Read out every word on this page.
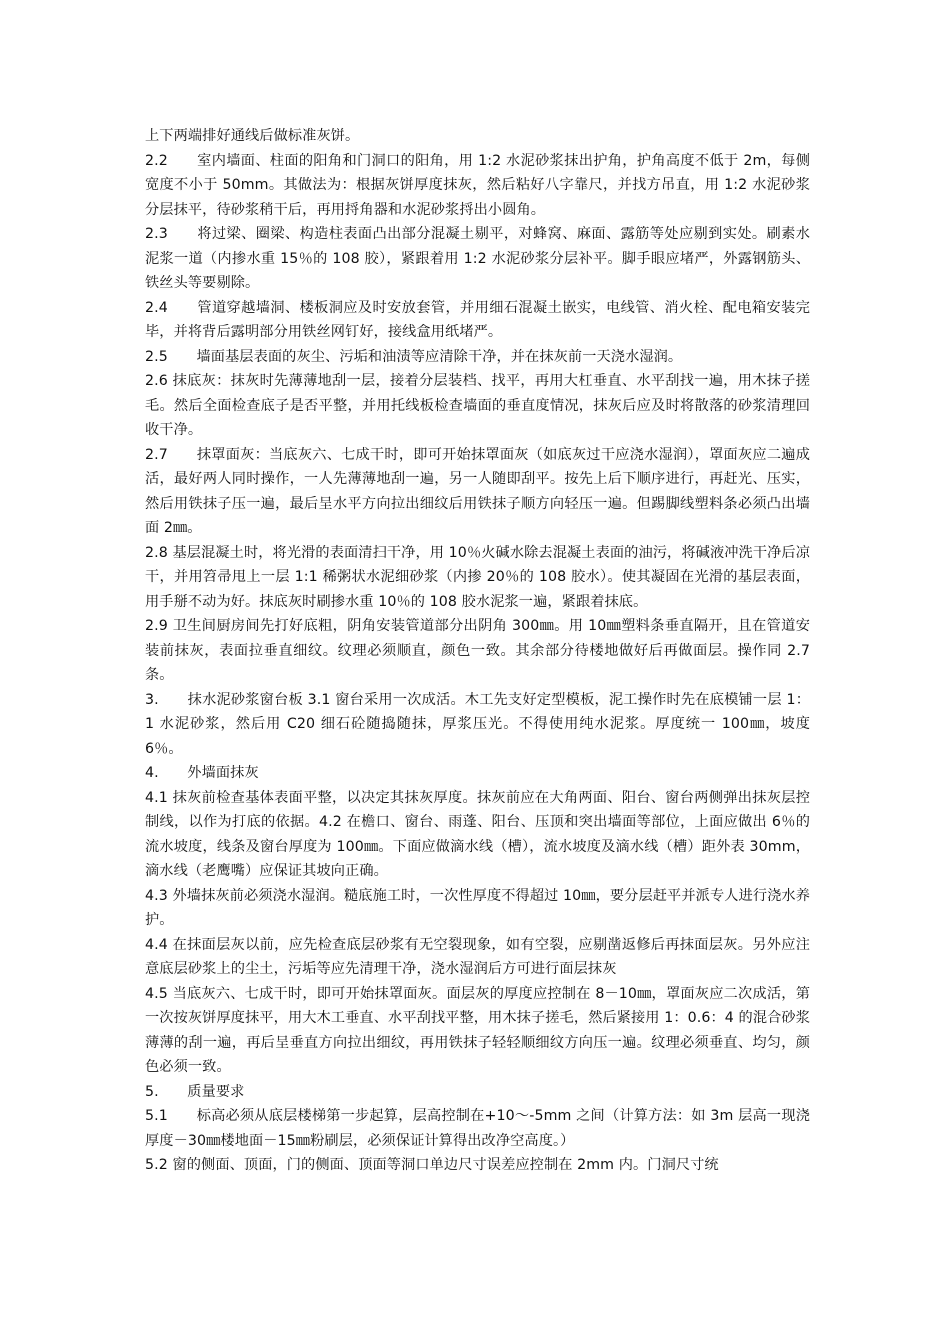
上下两端排好通线后做标准灰饼。

2.2　　室内墙面、柱面的阳角和门洞口的阳角，用 1:2 水泥砂浆抹出护角，护角高度不低于 2m，每侧宽度不小于 50mm。其做法为：根据灰饼厚度抹灰，然后粘好八字靠尺，并找方吊直，用 1:2 水泥砂浆分层抹平，待砂浆稍干后，再用捋角器和水泥砂浆捋出小圆角。

2.3　　将过梁、圈梁、构造柱表面凸出部分混凝土剔平，对蜂窝、麻面、露筋等处应剔到实处。刷素水泥浆一道（内掺水重 15％的 108 胶），紧跟着用 1:2 水泥砂浆分层补平。脚手眼应堵严，外露钢筋头、铁丝头等要剔除。

2.4　　管道穿越墙洞、楼板洞应及时安放套管，并用细石混凝土嵌实，电线管、消火栓、配电箱安装完毕，并将背后露明部分用铁丝网钉好，接线盒用纸堵严。

2.5　　墙面基层表面的灰尘、污垢和油渍等应清除干净，并在抹灰前一天浇水湿润。

2.6 抹底灰：抹灰时先薄薄地刮一层，接着分层装档、找平，再用大杠垂直、水平刮找一遍，用木抹子搓毛。然后全面检查底子是否平整，并用托线板检查墙面的垂直度情况，抹灰后应及时将散落的砂浆清理回收干净。

2.7　　抹罩面灰：当底灰六、七成干时，即可开始抹罩面灰（如底灰过干应浇水湿润），罩面灰应二遍成活，最好两人同时操作，一人先薄薄地刮一遍，另一人随即刮平。按先上后下顺序进行，再赶光、压实，然后用铁抹子压一遍，最后呈水平方向拉出细纹后用铁抹子顺方向轻压一遍。但踢脚线塑料条必须凸出墙面 2㎜。

2.8 基层混凝土时，将光滑的表面清扫干净，用 10％火碱水除去混凝土表面的油污，将碱液冲洗干净后凉干，并用笤帚甩上一层 1:1 稀粥状水泥细砂浆（内掺 20％的 108 胶水）。使其凝固在光滑的基层表面，用手掰不动为好。抹底灰时刷掺水重 10％的 108 胶水泥浆一遍，紧跟着抹底。

2.9 卫生间厨房间先打好底粗，阴角安装管道部分出阴角 300㎜。用 10㎜塑料条垂直隔开，且在管道安装前抹灰，表面拉垂直细纹。纹理必须顺直，颜色一致。其余部分待楼地做好后再做面层。操作同 2.7 条。

3.　　抹水泥砂浆窗台板 3.1 窗台采用一次成活。木工先支好定型模板，泥工操作时先在底模铺一层 1：1 水泥砂浆，然后用 C20 细石砼随捣随抹，厚浆压光。不得使用纯水泥浆。厚度统一 100㎜，坡度 6％。

4.　　外墙面抹灰

4.1 抹灰前检查基体表面平整，以决定其抹灰厚度。抹灰前应在大角两面、阳台、窗台两侧弹出抹灰层控制线，以作为打底的依据。4.2 在檐口、窗台、雨蓬、阳台、压顶和突出墙面等部位，上面应做出 6％的流水坡度，线条及窗台厚度为 100㎜。下面应做滴水线（槽），流水坡度及滴水线（槽）距外表 30mm，滴水线（老鹰嘴）应保证其坡向正确。

4.3 外墙抹灰前必须浇水湿润。糙底施工时，一次性厚度不得超过 10㎜，要分层赶平并派专人进行浇水养护。

4.4 在抹面层灰以前，应先检查底层砂浆有无空裂现象，如有空裂，应剔凿返修后再抹面层灰。另外应注意底层砂浆上的尘土，污垢等应先清理干净，浇水湿润后方可进行面层抹灰

4.5 当底灰六、七成干时，即可开始抹罩面灰。面层灰的厚度应控制在 8－10㎜，罩面灰应二次成活，第一次按灰饼厚度抹平，用大木工垂直、水平刮找平整，用木抹子搓毛，然后紧接用 1：0.6：4 的混合砂浆薄薄的刮一遍，再后呈垂直方向拉出细纹，再用铁抹子轻轻顺细纹方向压一遍。纹理必须垂直、均匀，颜色必须一致。

5.　　质量要求

5.1　　标高必须从底层楼梯第一步起算，层高控制在+10～-5mm 之间（计算方法：如 3m 层高一现浇厚度－30㎜楼地面－15㎜粉刷层，必须保证计算得出改净空高度。）

5.2 窗的侧面、顶面，门的侧面、顶面等洞口单边尺寸误差应控制在 2mm 内。门洞尺寸统
